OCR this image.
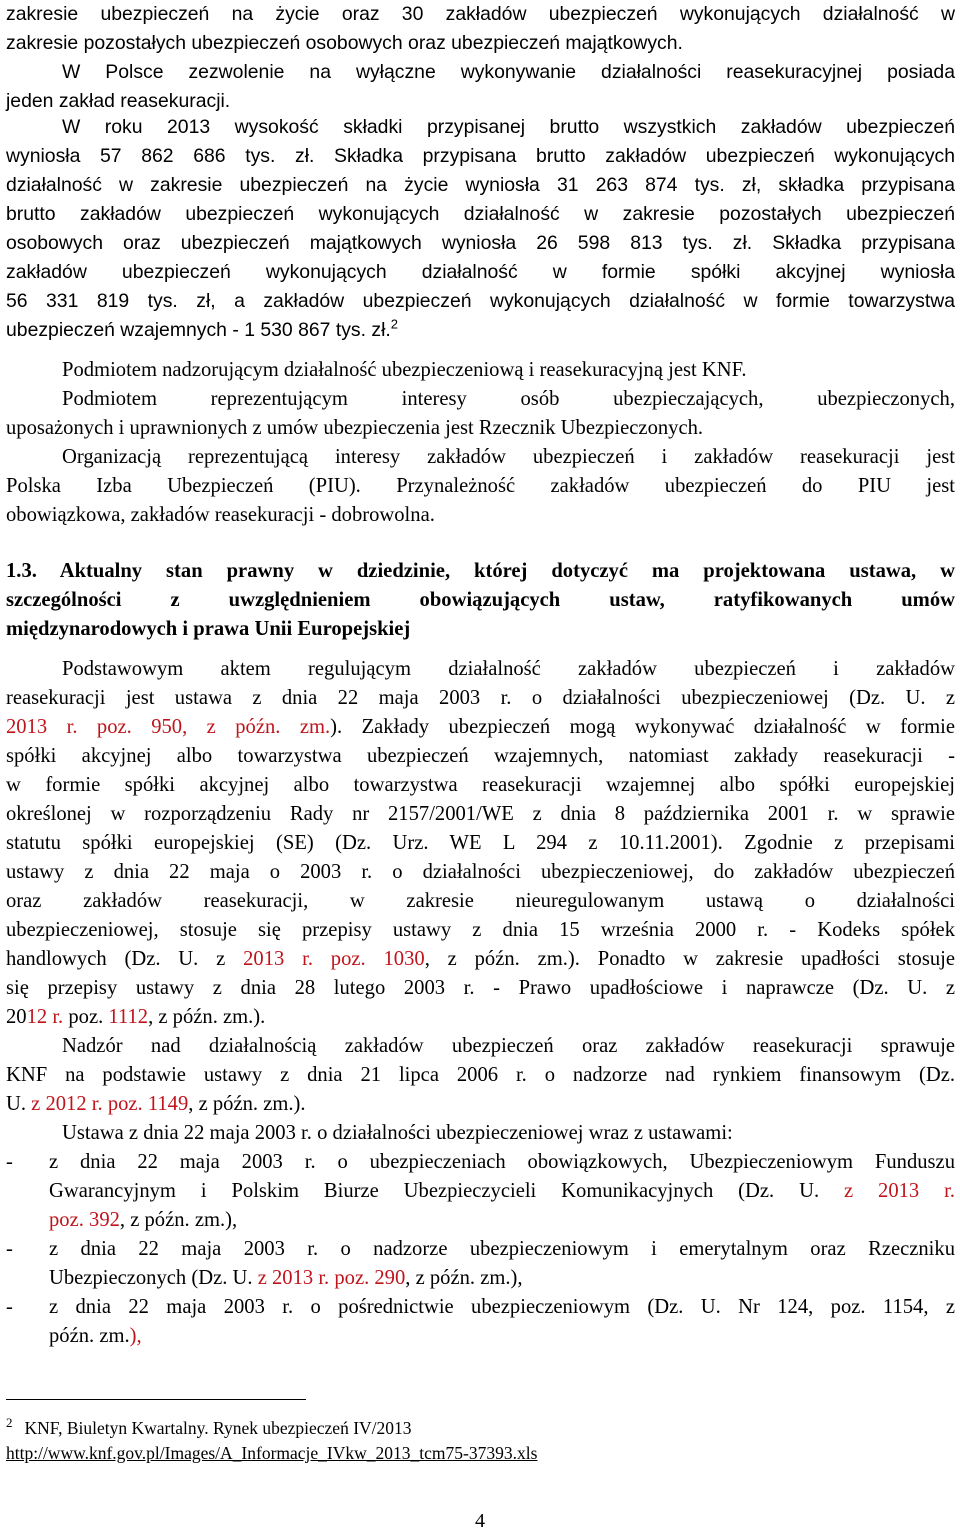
zakresie ubezpieczeń na życie oraz 30 zakładów ubezpieczeń wykonujących działalność w
zakresie pozostałych ubezpieczeń osobowych oraz ubezpieczeń majątkowych.
W Polsce zezwolenie na wyłączne wykonywanie działalności reasekuracyjnej posiada
jeden zakład reasekuracji.
W roku 2013 wysokość składki przypisanej brutto wszystkich zakładów ubezpieczeń
wyniosła 57 862 686 tys. zł. Składka przypisana brutto zakładów ubezpieczeń wykonujących
działalność w zakresie ubezpieczeń na życie wyniosła 31 263 874 tys. zł, składka przypisana
brutto zakładów ubezpieczeń wykonujących działalność w zakresie pozostałych ubezpieczeń
osobowych oraz ubezpieczeń majątkowych wyniosła 26 598 813 tys. zł. Składka przypisana
zakładów ubezpieczeń wykonujących działalność w formie spółki akcyjnej wyniosła
56 331 819 tys. zł, a zakładów ubezpieczeń wykonujących działalność w formie towarzystwa
ubezpieczeń wzajemnych - 1 530 867 tys. zł.$^2$
Podmiotem nadzorującym działalność ubezpieczeniową i reasekuracyjną jest KNF.
Podmiotem reprezentującym interesy osób ubezpieczających, ubezpieczonych,
uposażonych i uprawnionych z umów ubezpieczenia jest Rzecznik Ubezpieczonych.
Organizacją reprezentującą interesy zakładów ubezpieczeń i zakładów reasekuracji jest
Polska Izba Ubezpieczeń (PIU). Przynależność zakładów ubezpieczeń do PIU jest
obowiązkowa, zakładów reasekuracji - dobrowolna.
1.3. Aktualny stan prawny w dziedzinie, której dotyczyć ma projektowana ustawa, w
szczególności z uwzględnieniem obowiązujących ustaw, ratyfikowanych umów
międzynarodowych i prawa Unii Europejskiej
Podstawowym aktem regulującym działalność zakładów ubezpieczeń i zakładów
reasekuracji jest ustawa z dnia 22 maja 2003 r. o działalności ubezpieczeniowej (Dz. U. z
2013 r. poz. 950, z późn. zm.). Zakłady ubezpieczeń mogą wykonywać działalność w formie
spółki akcyjnej albo towarzystwa ubezpieczeń wzajemnych, natomiast zakłady reasekuracji -
w formie spółki akcyjnej albo towarzystwa reasekuracji wzajemnej albo spółki europejskiej
określonej w rozporządzeniu Rady nr 2157/2001/WE z dnia 8 października 2001 r. w sprawie
statutu spółki europejskiej (SE) (Dz. Urz. WE L 294 z 10.11.2001). Zgodnie z przepisami
ustawy z dnia 22 maja o 2003 r. o działalności ubezpieczeniowej, do zakładów ubezpieczeń
oraz zakładów reasekuracji, w zakresie nieuregulowanym ustawą o działalności
ubezpieczeniowej, stosuje się przepisy ustawy z dnia 15 września 2000 r. - Kodeks spółek
handlowych (Dz. U. z 2013 r. poz. 1030, z późn. zm.). Ponadto w zakresie upadłości stosuje
się przepisy ustawy z dnia 28 lutego 2003 r. - Prawo upadłościowe i naprawcze (Dz. U. z
2012 r. poz. 1112, z późn. zm.).
Nadzór nad działalnością zakładów ubezpieczeń oraz zakładów reasekuracji sprawuje
KNF na podstawie ustawy z dnia 21 lipca 2006 r. o nadzorze nad rynkiem finansowym (Dz.
U. z 2012 r. poz. 1149, z późn. zm.).
Ustawa z dnia 22 maja 2003 r. o działalności ubezpieczeniowej wraz z ustawami:
- z dnia 22 maja 2003 r. o ubezpieczeniach obowiązkowych, Ubezpieczeniowym Funduszu
Gwarancyjnym i Polskim Biurze Ubezpieczycieli Komunikacyjnych (Dz. U. z 2013 r.
poz. 392, z późn. zm.),
- z dnia 22 maja 2003 r. o nadzorze ubezpieczeniowym i emerytalnym oraz Rzeczniku
Ubezpieczonych (Dz. U. z 2013 r. poz. 290, z późn. zm.),
- z dnia 22 maja 2003 r. o pośrednictwie ubezpieczeniowym (Dz. U. Nr 124, poz. 1154, z
późn. zm.),
$^2$ KNF, Biuletyn Kwartalny. Rynek ubezpieczeń IV/2013
http://www.knf.gov.pl/Images/A_Informacje_IVkw_2013_tcm75-37393.xls
4
